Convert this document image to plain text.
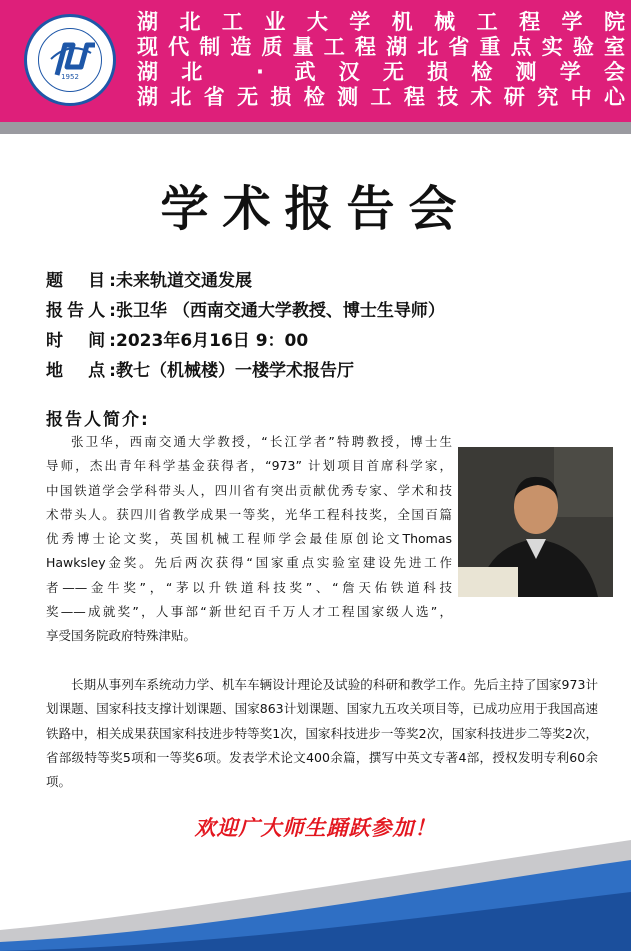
1952
湖北工业大学机械工程学院
现代制造质量工程湖北省重点实验室
湖北 · 武汉无损检测学会
湖北省无损检测工程技术研究中心
学术报告会
题　目:未来轨道交通发展
报告人:张卫华 （西南交通大学教授、博士生导师）
时　间:2023年6月16日 9：00
地　点:教七（机械楼）一楼学术报告厅
报告人简介:
张卫华，西南交通大学教授，“长江学者”特聘教授，博士生
导师，杰出青年科学基金获得者，“973” 计划项目首席科学家，
中国铁道学会学科带头人，四川省有突出贡献优秀专家、学术和技
术带头人。获四川省教学成果一等奖，光华工程科技奖，全国百篇
优秀博士论文奖，英国机械工程师学会最佳原创论文Thomas
Hawksley金奖。先后两次获得“国家重点实验室建设先进工作
者——金牛奖”，“茅以升铁道科技奖”、“詹天佑铁道科技
奖——成就奖”，人事部“新世纪百千万人才工程国家级人选”，
享受国务院政府特殊津贴。

长期从事列车系统动力学、机车车辆设计理论及试验的科研和教学工作。先后主持了国家973计划课题、国家科技支撑计划课题、国家863计划课题、国家九五攻关项目等，已成功应用于我国高速铁路中，相关成果获国家科技进步特等奖1次，国家科技进步一等奖2次，国家科技进步二等奖2次，省部级特等奖5项和一等奖6项。发表学术论文400余篇，撰写中英文专著4部，授权发明专利60余项。

欢迎广大师生踊跃参加！
